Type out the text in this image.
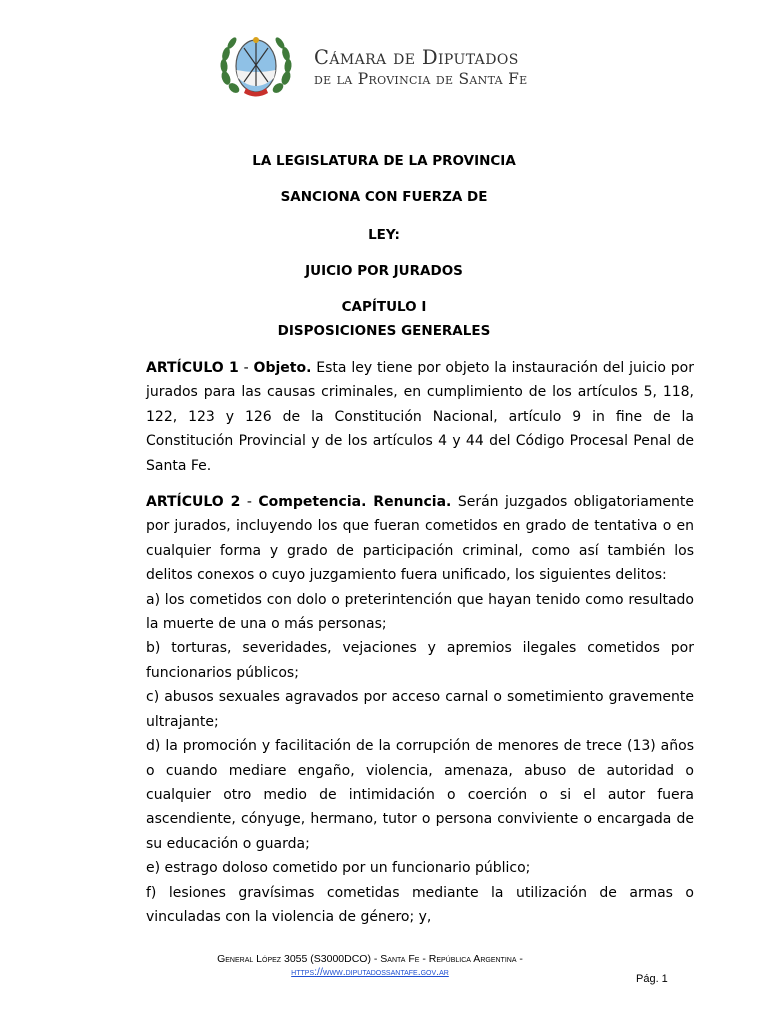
Cámara de Diputados
de la Provincia de Santa Fe
LA LEGISLATURA DE LA PROVINCIA
SANCIONA CON FUERZA DE
LEY:
JUICIO POR JURADOS
CAPÍTULO I
DISPOSICIONES GENERALES

ARTÍCULO 1 - Objeto. Esta ley tiene por objeto la instauración del juicio por jurados para las causas criminales, en cumplimiento de los artículos 5, 118, 122, 123 y 126 de la Constitución Nacional, artículo 9 in fine de la Constitución Provincial y de los artículos 4 y 44 del Código Procesal Penal de Santa Fe.

ARTÍCULO 2 - Competencia. Renuncia. Serán juzgados obligatoriamente por jurados, incluyendo los que fueran cometidos en grado de tentativa o en cualquier forma y grado de participación criminal, como así también los delitos conexos o cuyo juzgamiento fuera unificado, los siguientes delitos:

a) los cometidos con dolo o preterintención que hayan tenido como resultado la muerte de una o más personas;

b) torturas, severidades, vejaciones y apremios ilegales cometidos por funcionarios públicos;

c) abusos sexuales agravados por acceso carnal o sometimiento gravemente ultrajante;

d) la promoción y facilitación de la corrupción de menores de trece (13) años o cuando mediare engaño, violencia, amenaza, abuso de autoridad o cualquier otro medio de intimidación o coerción o si el autor fuera ascendiente, cónyuge, hermano, tutor o persona conviviente o encargada de su educación o guarda;

e) estrago doloso cometido por un funcionario público;

f) lesiones gravísimas cometidas mediante la utilización de armas o vinculadas con la violencia de género; y,

General López 3055 (S3000DCO) - Santa Fe - República Argentina -
https://www.diputadossantafe.gov.ar
Pág. 1
